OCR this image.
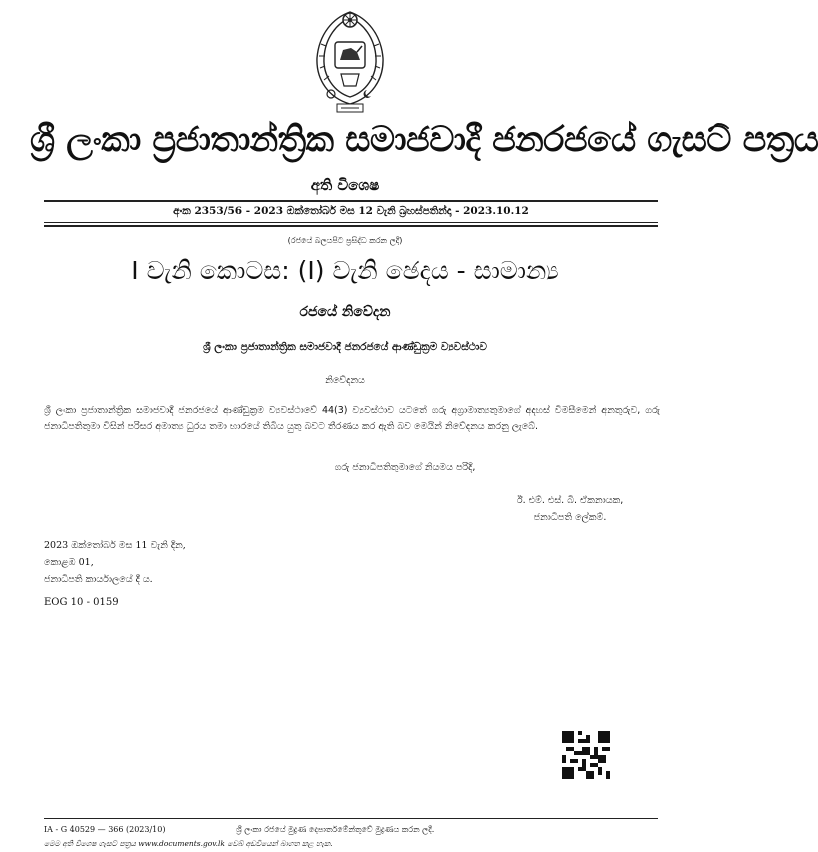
ශ්‍රී ලංකා ප්‍රජාතාන්ත්‍රික සමාජවාදී ජනරජයේ ගැසට් පත්‍රය
අති විශෙෂ
අංක 2353/56 - 2023 ඔක්තෝබර් මස 12 වැනි බ්‍රහස්පතින්දා - 2023.10.12
(රජයේ බලයපිට ප්‍රසිද්ධ කරන ලදී)
I වැනි කොටස: (I) වැනි ඡෙදය - සාමාන්‍ය
රජයේ නිවේදන
ශ්‍රී ලංකා ප්‍රජාතාන්ත්‍රික සමාජවාදී ජනරජයේ ආණ්ඩුක්‍රම ව්‍යවස්ථාව
නිවේදනය
ශ්‍රී ලංකා ප්‍රජාතාන්ත්‍රික සමාජවාදී ජනරජයේ ආණ්ඩුක්‍රම ව්‍යවස්ථාවේ 44(3) ව්‍යවස්ථාව යටතේ ගරු අග්‍රාමාත්‍යතුමාගේ අදහස් විමසීමෙන් අනතුරුව, ගරු ජනාධිපතිතුමා විසින් පරිසර අමාත්‍ය ධුරය තමා භාරයේ තිබිය යුතු බවට තීරණය කර ඇති බව මෙයින් නිවේදනය කරනු ලැබේ.
ගරු ජනාධිපතිතුමාගේ නියමය පරිදි,
ඊ. එම්. එස්. බී. ඒකනායක,
ජනාධිපති ලේකම්.
2023 ඔක්තෝබර් මස 11 වැනි දින,
කොළඹ 01,
ජනාධිපති කාර්යාලයේ දී ය.
EOG 10 - 0159
IA - G 40529 — 366 (2023/10)	ශ්‍රී ලංකා රජයේ මුද්‍රණ දෙපාර්තමේන්තුවේ මුද්‍රණය කරන ලදී.
මෙම අති විශෙෂ ගැසට් පත්‍රය www.documents.gov.lk වෙබ් අඩවියෙන් බාගත කළ හැක.
